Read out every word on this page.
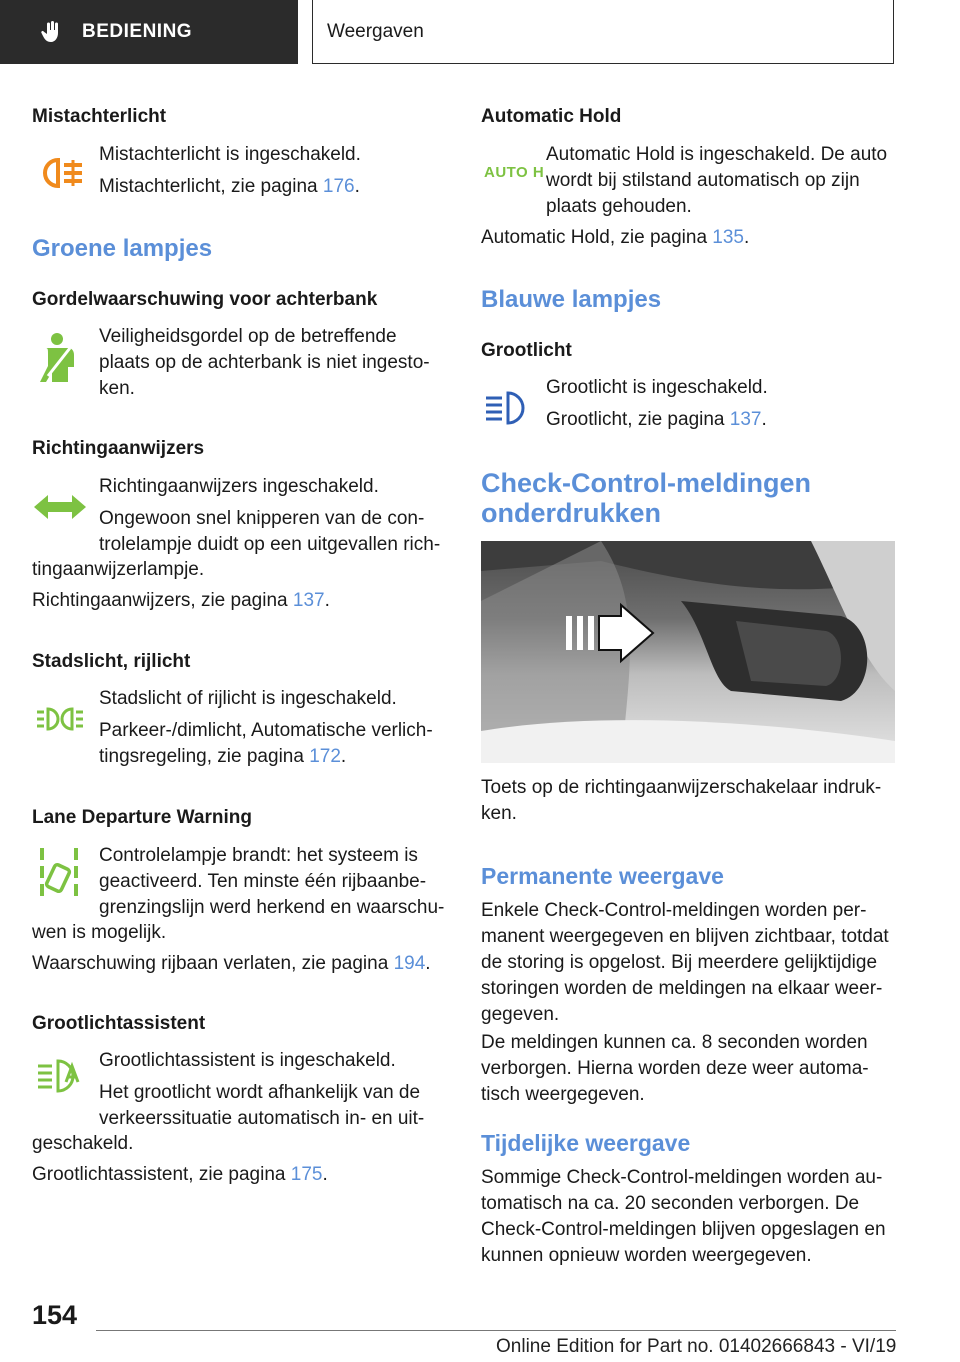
BEDIENING	Weergaven
Mistachterlicht
Mistachterlicht is ingeschakeld.
Mistachterlicht, zie pagina 176.
Groene lampjes
Gordelwaarschuwing voor achterbank
Veiligheidsgordel op de betreffende
plaats op de achterbank is niet ingesto-
ken.
Richtingaanwijzers
Richtingaanwijzers ingeschakeld.
Ongewoon snel knipperen van de con-
trolelampje duidt op een uitgevallen rich-
tingaanwijzerlampje.
Richtingaanwijzers, zie pagina 137.
Stadslicht, rijlicht
Stadslicht of rijlicht is ingeschakeld.
Parkeer-/dimlicht, Automatische verlich-
tingsregeling, zie pagina 172.
Lane Departure Warning
Controlelampje brandt: het systeem is
geactiveerd. Ten minste één rijbaanbe-
grenzingslijn werd herkend en waarschu-
wen is mogelijk.
Waarschuwing rijbaan verlaten, zie pagina 194.
Grootlichtassistent
Grootlichtassistent is ingeschakeld.
Het grootlicht wordt afhankelijk van de
verkeerssituatie automatisch in- en uit-
geschakeld.
Grootlichtassistent, zie pagina 175.
Automatic Hold
AUTO H
Automatic Hold is ingeschakeld. De auto
wordt bij stilstand automatisch op zijn
plaats gehouden.
Automatic Hold, zie pagina 135.
Blauwe lampjes
Grootlicht
Grootlicht is ingeschakeld.
Grootlicht, zie pagina 137.
Check-Control-meldingen
onderdrukken
Toets op de richtingaanwijzerschakelaar indruk-
ken.
Permanente weergave
Enkele Check-Control-meldingen worden per-
manent weergegeven en blijven zichtbaar, totdat
de storing is opgelost. Bij meerdere gelijktijdige
storingen worden de meldingen na elkaar weer-
gegeven.
De meldingen kunnen ca. 8 seconden worden
verborgen. Hierna worden deze weer automa-
tisch weergegeven.
Tijdelijke weergave
Sommige Check-Control-meldingen worden au-
tomatisch na ca. 20 seconden verborgen. De
Check-Control-meldingen blijven opgeslagen en
kunnen opnieuw worden weergegeven.
154
Online Edition for Part no. 01402666843 - VI/19
